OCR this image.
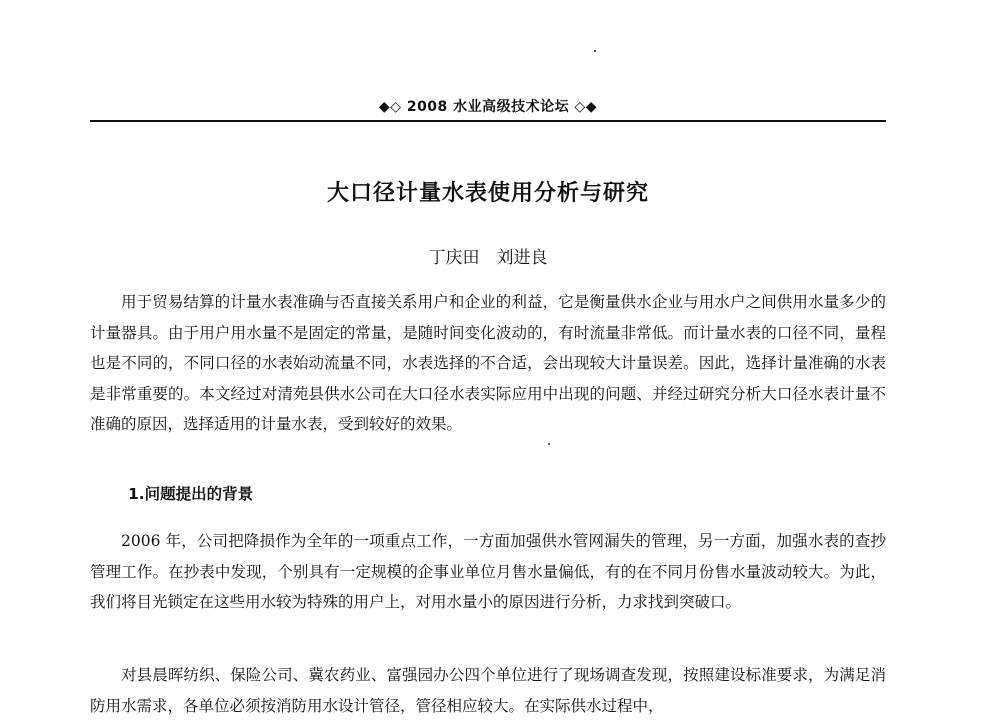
◆◇ 2008 水业高级技术论坛 ◇◆
大口径计量水表使用分析与研究
丁庆田　刘进良
用于贸易结算的计量水表准确与否直接关系用户和企业的利益，它是衡量供水企业与用水户之间供用水量多少的计量器具。由于用户用水量不是固定的常量，是随时间变化波动的，有时流量非常低。而计量水表的口径不同，量程也是不同的，不同口径的水表始动流量不同，水表选择的不合适，会出现较大计量误差。因此，选择计量准确的水表是非常重要的。本文经过对清苑县供水公司在大口径水表实际应用中出现的问题、并经过研究分析大口径水表计量不准确的原因，选择适用的计量水表，受到较好的效果。
1.问题提出的背景
2006 年，公司把降损作为全年的一项重点工作，一方面加强供水管网漏失的管理，另一方面，加强水表的查抄管理工作。在抄表中发现，个别具有一定规模的企事业单位月售水量偏低，有的在不同月份售水量波动较大。为此，我们将目光锁定在这些用水较为特殊的用户上，对用水量小的原因进行分析，力求找到突破口。
对县晨晖纺织、保险公司、冀农药业、富强园办公四个单位进行了现场调查发现，按照建设标准要求，为满足消防用水需求，各单位必须按消防用水设计管径，管径相应较大。在实际供水过程中，
